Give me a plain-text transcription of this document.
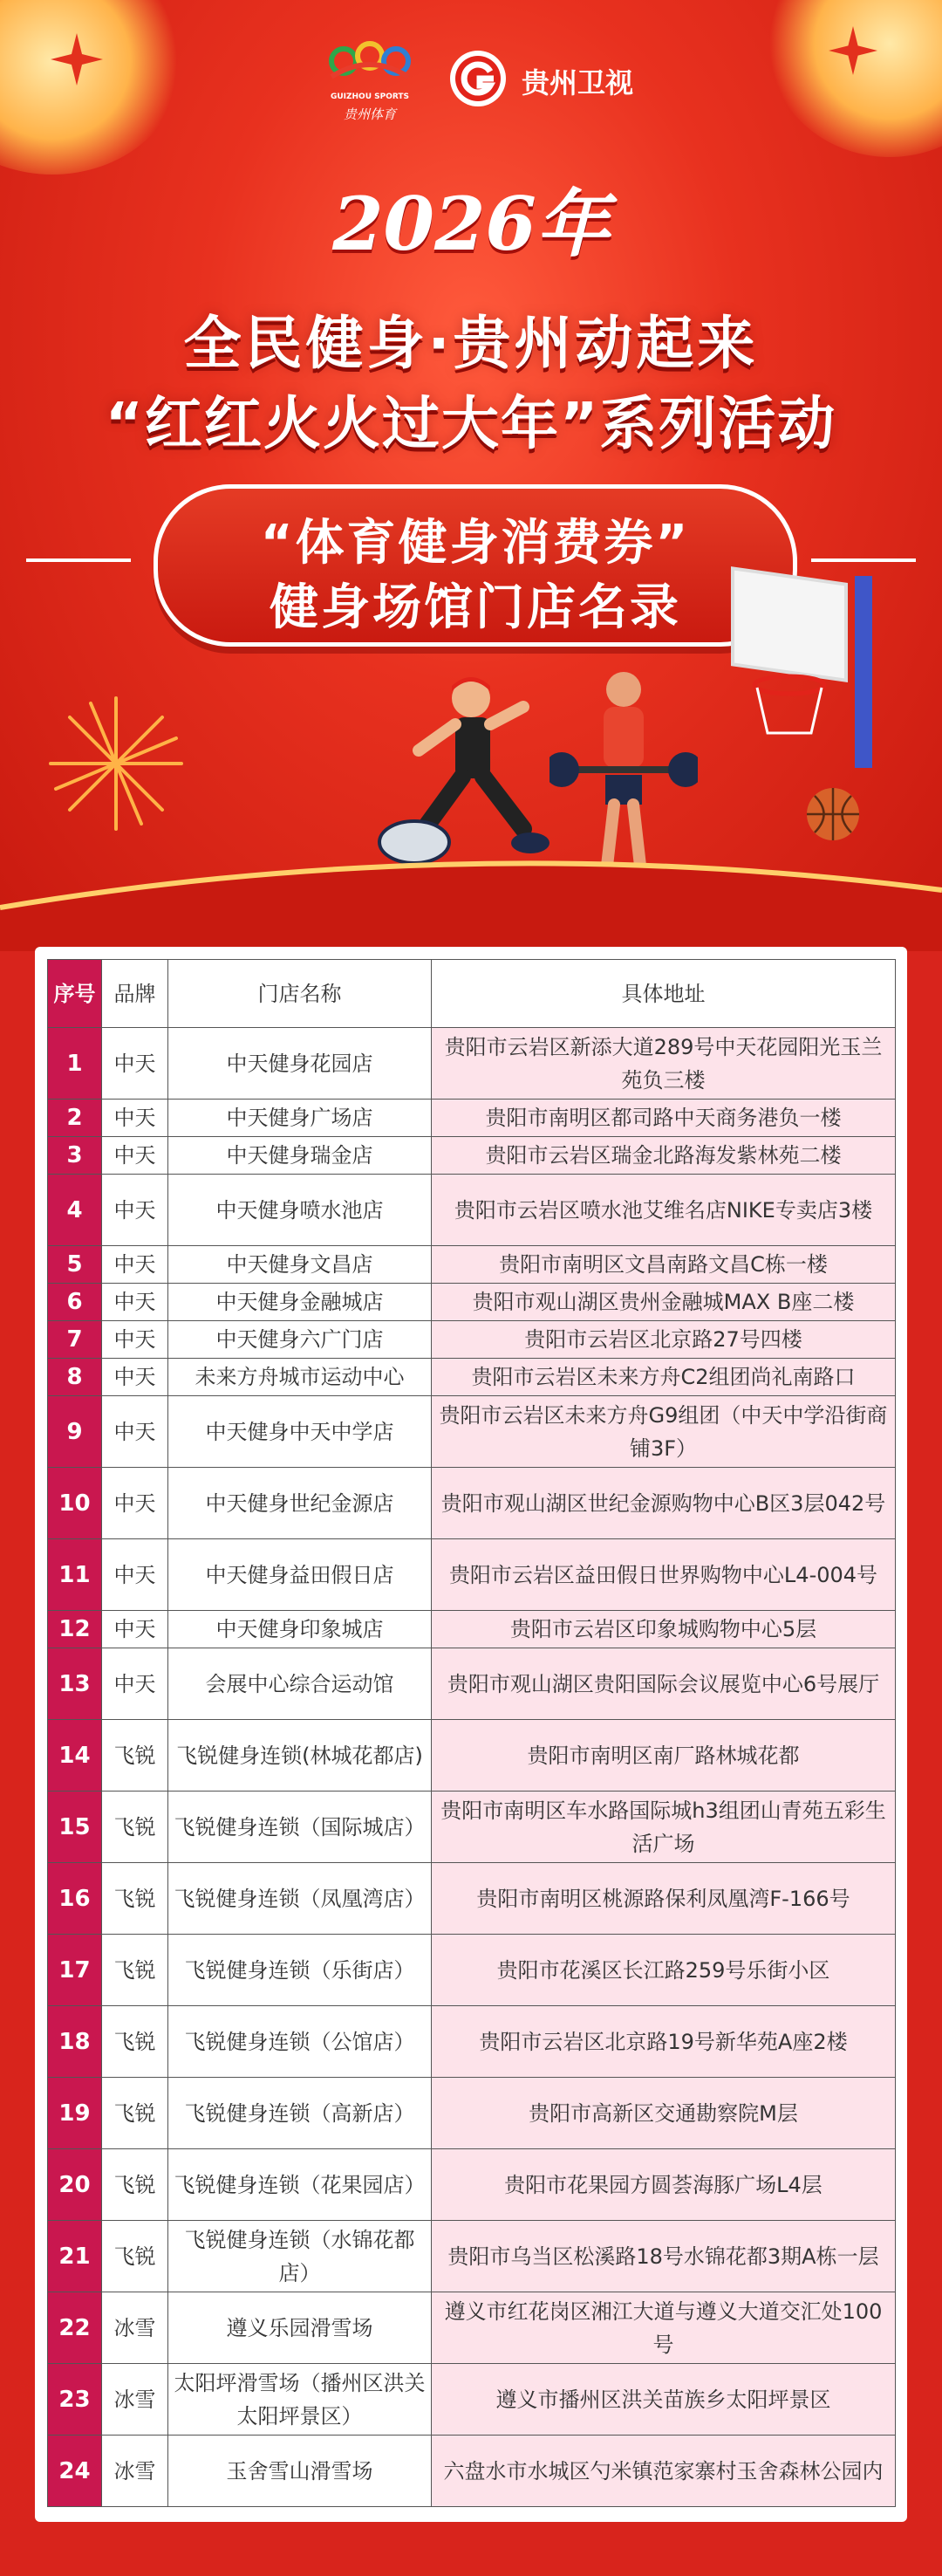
GUIZHOU SPORTS
贵州体育
贵州卫视
2026年
全民健身·贵州动起来
“红红火火过大年”系列活动
“体育健身消费券”
健身场馆门店名录
序号	品牌	门店名称	具体地址
1	中天	中天健身花园店	贵阳市云岩区新添大道289号中天花园阳光玉兰苑负三楼
2	中天	中天健身广场店	贵阳市南明区都司路中天商务港负一楼
3	中天	中天健身瑞金店	贵阳市云岩区瑞金北路海发紫林苑二楼
4	中天	中天健身喷水池店	贵阳市云岩区喷水池艾维名店NIKE专卖店3楼
5	中天	中天健身文昌店	贵阳市南明区文昌南路文昌C栋一楼
6	中天	中天健身金融城店	贵阳市观山湖区贵州金融城MAX B座二楼
7	中天	中天健身六广门店	贵阳市云岩区北京路27号四楼
8	中天	未来方舟城市运动中心	贵阳市云岩区未来方舟C2组团尚礼南路口
9	中天	中天健身中天中学店	贵阳市云岩区未来方舟G9组团（中天中学沿街商铺3F）
10	中天	中天健身世纪金源店	贵阳市观山湖区世纪金源购物中心B区3层042号
11	中天	中天健身益田假日店	贵阳市云岩区益田假日世界购物中心L4-004号
12	中天	中天健身印象城店	贵阳市云岩区印象城购物中心5层
13	中天	会展中心综合运动馆	贵阳市观山湖区贵阳国际会议展览中心6号展厅
14	飞锐	飞锐健身连锁(林城花都店)	贵阳市南明区南厂路林城花都
15	飞锐	飞锐健身连锁（国际城店）	贵阳市南明区车水路国际城h3组团山青苑五彩生活广场
16	飞锐	飞锐健身连锁（凤凰湾店）	贵阳市南明区桃源路保利凤凰湾F-166号
17	飞锐	飞锐健身连锁（乐街店）	贵阳市花溪区长江路259号乐街小区
18	飞锐	飞锐健身连锁（公馆店）	贵阳市云岩区北京路19号新华苑A座2楼
19	飞锐	飞锐健身连锁（高新店）	贵阳市高新区交通勘察院M层
20	飞锐	飞锐健身连锁（花果园店）	贵阳市花果园方圆荟海豚广场L4层
21	飞锐	飞锐健身连锁（水锦花都店）	贵阳市乌当区松溪路18号水锦花都3期A栋一层
22	冰雪	遵义乐园滑雪场	遵义市红花岗区湘江大道与遵义大道交汇处100号
23	冰雪	太阳坪滑雪场（播州区洪关太阳坪景区）	遵义市播州区洪关苗族乡太阳坪景区
24	冰雪	玉舍雪山滑雪场	六盘水市水城区勺米镇范家寨村玉舍森林公园内
